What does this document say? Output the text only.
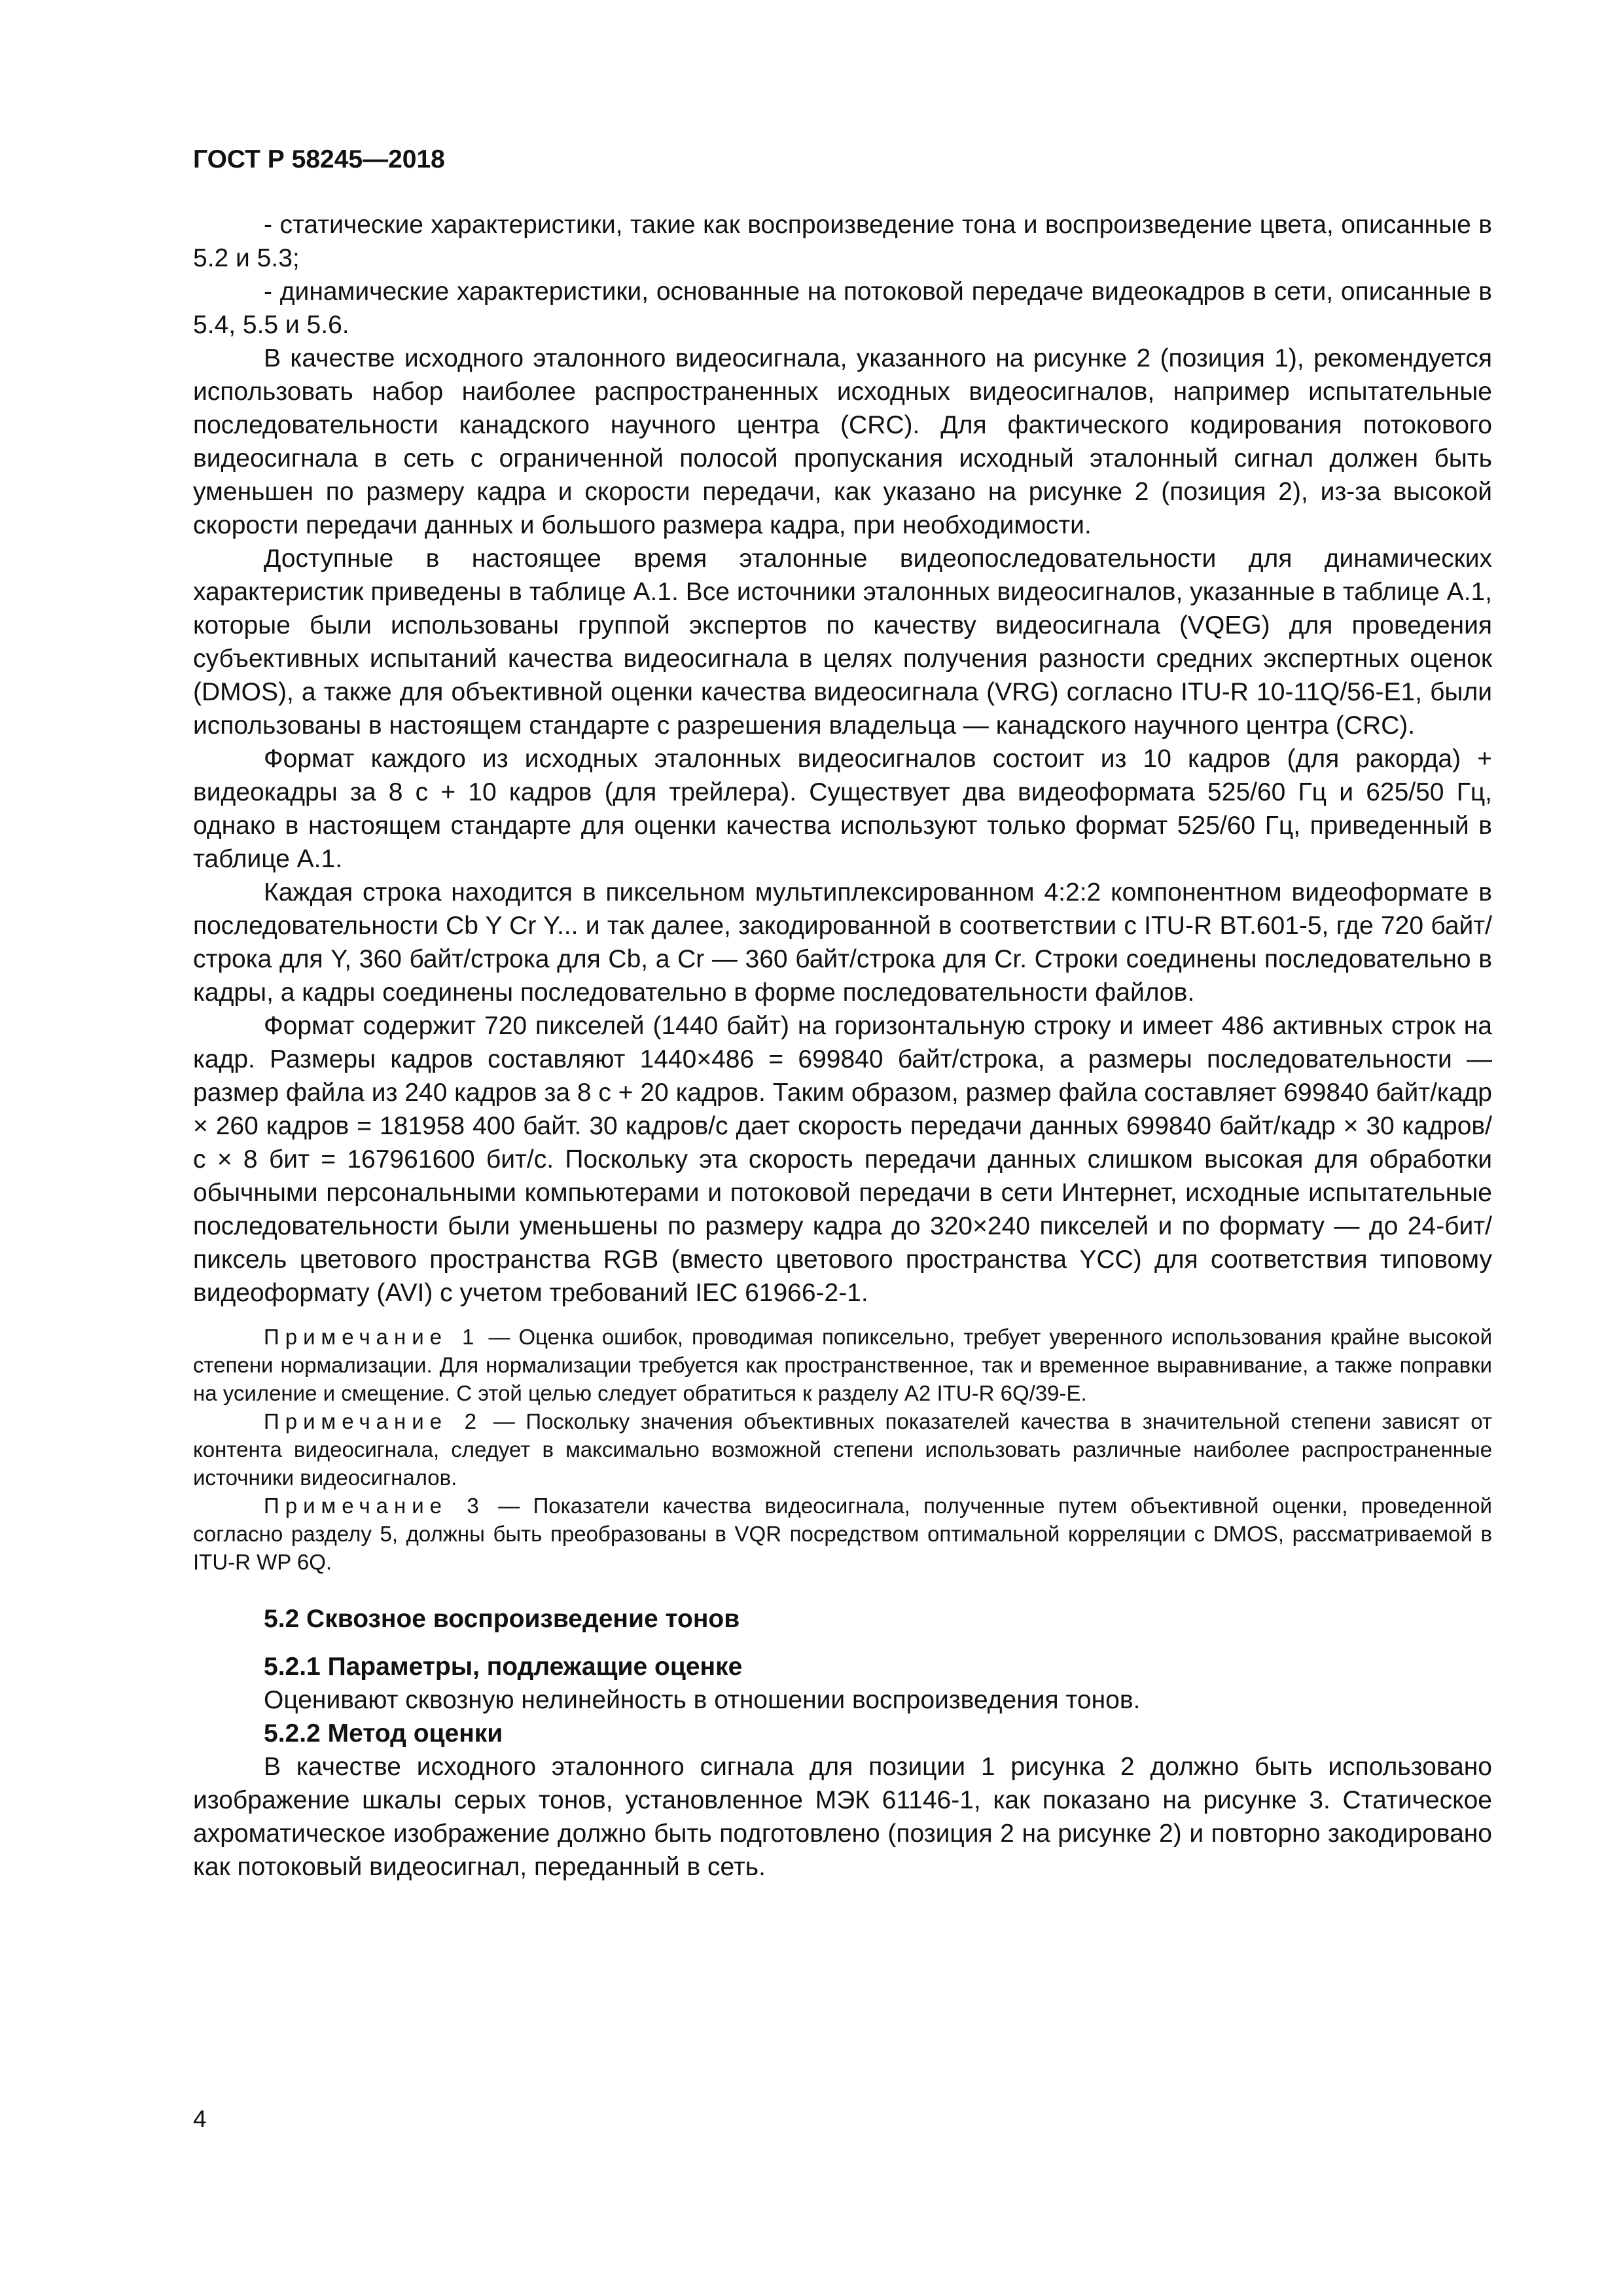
ГОСТ Р 58245—2018

- статические характеристики, такие как воспроизведение тона и воспроизведение цвета, описанные в 5.2 и 5.3;

- динамические характеристики, основанные на потоковой передаче видеокадров в сети, описанные в 5.4, 5.5 и 5.6.

В качестве исходного эталонного видеосигнала, указанного на рисунке 2 (позиция 1), рекомендуется использовать набор наиболее распространенных исходных видеосигналов, например испытательные последовательности канадского научного центра (CRC). Для фактического кодирования потокового видеосигнала в сеть с ограниченной полосой пропускания исходный эталонный сигнал должен быть уменьшен по размеру кадра и скорости передачи, как указано на рисунке 2 (позиция 2), из-за высокой скорости передачи данных и большого размера кадра, при необходимости.

Доступные в настоящее время эталонные видеопоследовательности для динамических характеристик приведены в таблице А.1. Все источники эталонных видеосигналов, указанные в таблице А.1, которые были использованы группой экспертов по качеству видеосигнала (VQEG) для проведения субъективных испытаний качества видеосигнала в целях получения разности средних экспертных оценок (DMOS), а также для объективной оценки качества видеосигнала (VRG) согласно ITU-R 10-11Q/56-E1, были использованы в настоящем стандарте с разрешения владельца — канадского научного центра (CRC).

Формат каждого из исходных эталонных видеосигналов состоит из 10 кадров (для ракорда) + видеокадры за 8 с + 10 кадров (для трейлера). Существует два видеоформата 525/60 Гц и 625/50 Гц, однако в настоящем стандарте для оценки качества используют только формат 525/60 Гц, приведенный в таблице А.1.

Каждая строка находится в пиксельном мультиплексированном 4:2:2 компонентном видеоформате в последовательности Cb Y Cr Y... и так далее, закодированной в соответствии с ITU-R BT.601-5, где 720 байт/строка для Y, 360 байт/строка для Cb, а Cr — 360 байт/строка для Cr. Строки соединены последовательно в кадры, а кадры соединены последовательно в форме последовательности файлов.

Формат содержит 720 пикселей (1440 байт) на горизонтальную строку и имеет 486 активных строк на кадр. Размеры кадров составляют 1440×486 = 699840 байт/строка, а размеры последовательности — размер файла из 240 кадров за 8 с + 20 кадров. Таким образом, размер файла составляет 699840 байт/кадр × 260 кадров = 181958 400 байт. 30 кадров/с дает скорость передачи данных 699840 байт/кадр × 30 кадров/с × 8 бит = 167961600 бит/с. Поскольку эта скорость передачи данных слишком высокая для обработки обычными персональными компьютерами и потоковой передачи в сети Интернет, исходные испытательные последовательности были уменьшены по размеру кадра до 320×240 пикселей и по формату — до 24-бит/пиксель цветового пространства RGB (вместо цветового пространства YCC) для соответствия типовому видеоформату (AVI) с учетом требований IEC 61966-2-1.

Примечание 1 — Оценка ошибок, проводимая попиксельно, требует уверенного использования крайне высокой степени нормализации. Для нормализации требуется как пространственное, так и временное выравнивание, а также поправки на усиление и смещение. С этой целью следует обратиться к разделу А2 ITU-R 6Q/39-E.

Примечание 2 — Поскольку значения объективных показателей качества в значительной степени зависят от контента видеосигнала, следует в максимально возможной степени использовать различные наиболее распространенные источники видеосигналов.

Примечание 3 — Показатели качества видеосигнала, полученные путем объективной оценки, проведенной согласно разделу 5, должны быть преобразованы в VQR посредством оптимальной корреляции с DMOS, рассматриваемой в ITU-R WP 6Q.

5.2 Сквозное воспроизведение тонов
5.2.1 Параметры, подлежащие оценке

Оценивают сквозную нелинейность в отношении воспроизведения тонов.

5.2.2 Метод оценки

В качестве исходного эталонного сигнала для позиции 1 рисунка 2 должно быть использовано изображение шкалы серых тонов, установленное МЭК 61146-1, как показано на рисунке 3. Статическое ахроматическое изображение должно быть подготовлено (позиция 2 на рисунке 2) и повторно закодировано как потоковый видеосигнал, переданный в сеть.

4
